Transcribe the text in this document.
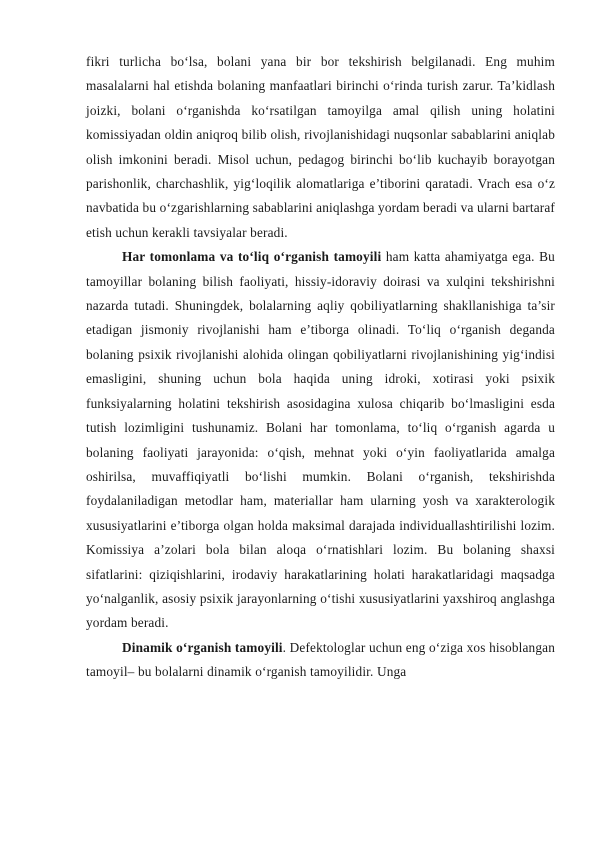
fikri turlicha bo‘lsa, bolani yana bir bor tekshirish belgilanadi. Eng muhim masalalarni hal etishda bolaning manfaatlari birinchi o‘rinda turish zarur. Ta’kidlash joizki, bolani o‘rganishda ko‘rsatilgan tamoyilga amal qilish uning holatini komissiyadan oldin aniqroq bilib olish, rivojlanishidagi nuqsonlar sabablarini aniqlab olish imkonini beradi. Misol uchun, pedagog birinchi bo‘lib kuchayib borayotgan parishonlik, charchashlik, yig‘loqilik alomatlariga e’tiborini qaratadi. Vrach esa o‘z navbatida bu o‘zgarishlarning sabablarini aniqlashga yordam beradi va ularni bartaraf etish uchun kerakli tavsiyalar beradi.

Har tomonlama va to‘liq o‘rganish tamoyili ham katta ahamiyatga ega. Bu tamoyillar bolaning bilish faoliyati, hissiy-idoraviy doirasi va xulqini tekshirishni nazarda tutadi. Shuningdek, bolalarning aqliy qobiliyatlarning shakllanishiga ta’sir etadigan jismoniy rivojlanishi ham e’tiborga olinadi. To‘liq o‘rganish deganda bolaning psixik rivojlanishi alohida olingan qobiliyatlarni rivojlanishining yig‘indisi emasligini, shuning uchun bola haqida uning idroki, xotirasi yoki psixik funksiyalarning holatini tekshirish asosidagina xulosa chiqarib bo‘lmasligini esda tutish lozimligini tushunamiz. Bolani har tomonlama, to‘liq o‘rganish agarda u bolaning faoliyati jarayonida: o‘qish, mehnat yoki o‘yin faoliyatlarida amalga oshirilsa, muvaffiqiyatli bo‘lishi mumkin. Bolani o‘rganish, tekshirishda foydalaniladigan metodlar ham, materiallar ham ularning yosh va xarakterologik xususiyatlarini e’tiborga olgan holda maksimal darajada individuallashtirilishi lozim. Komissiya a’zolari bola bilan aloqa o‘rnatishlari lozim. Bu bolaning shaxsi sifatlarini: qiziqishlarini, irodaviy harakatlarining holati harakatlaridagi maqsadga yo‘nalganlik, asosiy psixik jarayonlarning o‘tishi xususiyatlarini yaxshiroq anglashga yordam beradi.

Dinamik o‘rganish tamoyili. Defektologlar uchun eng o‘ziga xos hisoblangan tamoyil– bu bolalarni dinamik o‘rganish tamoyilidir. Unga
